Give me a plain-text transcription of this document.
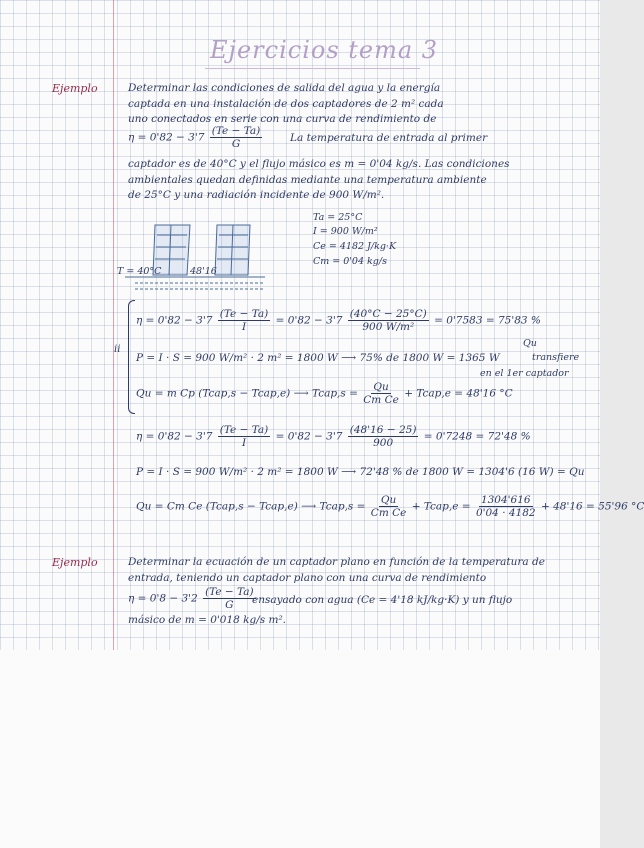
Ejercicios tema 3
Ejemplo	Determinar las condiciones de salida del agua y la energía
captada en una instalación de dos captadores de 2 m² cada
uno conectados en serie con una curva de rendimiento de
$\eta = 0'82 - 3'7 \frac{(Te - Ta)}{G}$	La temperatura de entrada al primer
captador es de 40°C y el flujo másico es m = 0'04 kg/s. Las condiciones
ambientales quedan definidas mediante una temperatura ambiente
de 25°C y una radiación incidente de 900 W/m².
T = 40°C	48'16
Ta = 25°C
I = 900 W/m²
Ce = 4182 J/kg·K
Cm = 0'04 kg/s
ii
$\eta = 0'82 - 3'7 \frac{(Te - Ta)}{I} = 0'82 - 3'7 \frac{(40^\circ C - 25^\circ C)}{\text{900 W/m²}} = 0'7583 = 75'83$ %
Qu
P = I · S = 900 W/m² · 2 m² = 1800 W ⟶ 75% de 1800 W = 1365 W	transfiere
en el 1er captador
Qu = m Cp (Tcap,s − Tcap,e) ⟶ Tcap,s = $\frac{Qu}{\text{Cm Ce}}$ + Tcap,e = 48'16 °C
$\eta = 0'82 - 3'7 \frac{(Te - Ta)}{I} = 0'82 - 3'7 \frac{(48'16 - 25)}{900} = 0'7248 = 72'48$ %
P = I · S = 900 W/m² · 2 m² = 1800 W ⟶ 72'48 % de 1800 W = 1304'6 (16 W) = Qu
Qu = Cm Ce (Tcap,s − Tcap,e) ⟶ Tcap,s = $\frac{Qu}{\text{Cm Ce}}$ + Tcap,e = $\frac{1304'616}{0'04 \cdot 4182} + 48'16 = 55'96$ °C
Ejemplo	Determinar la ecuación de un captador plano en función de la temperatura de
entrada, teniendo un captador plano con una curva de rendimiento
$\eta = 0'8 - 3'2 \frac{(Te - Ta)}{G}$
ensayado con agua (Ce = 4'18 kJ/kg·K) y un flujo
másico de m = 0'018 kg/s m².
